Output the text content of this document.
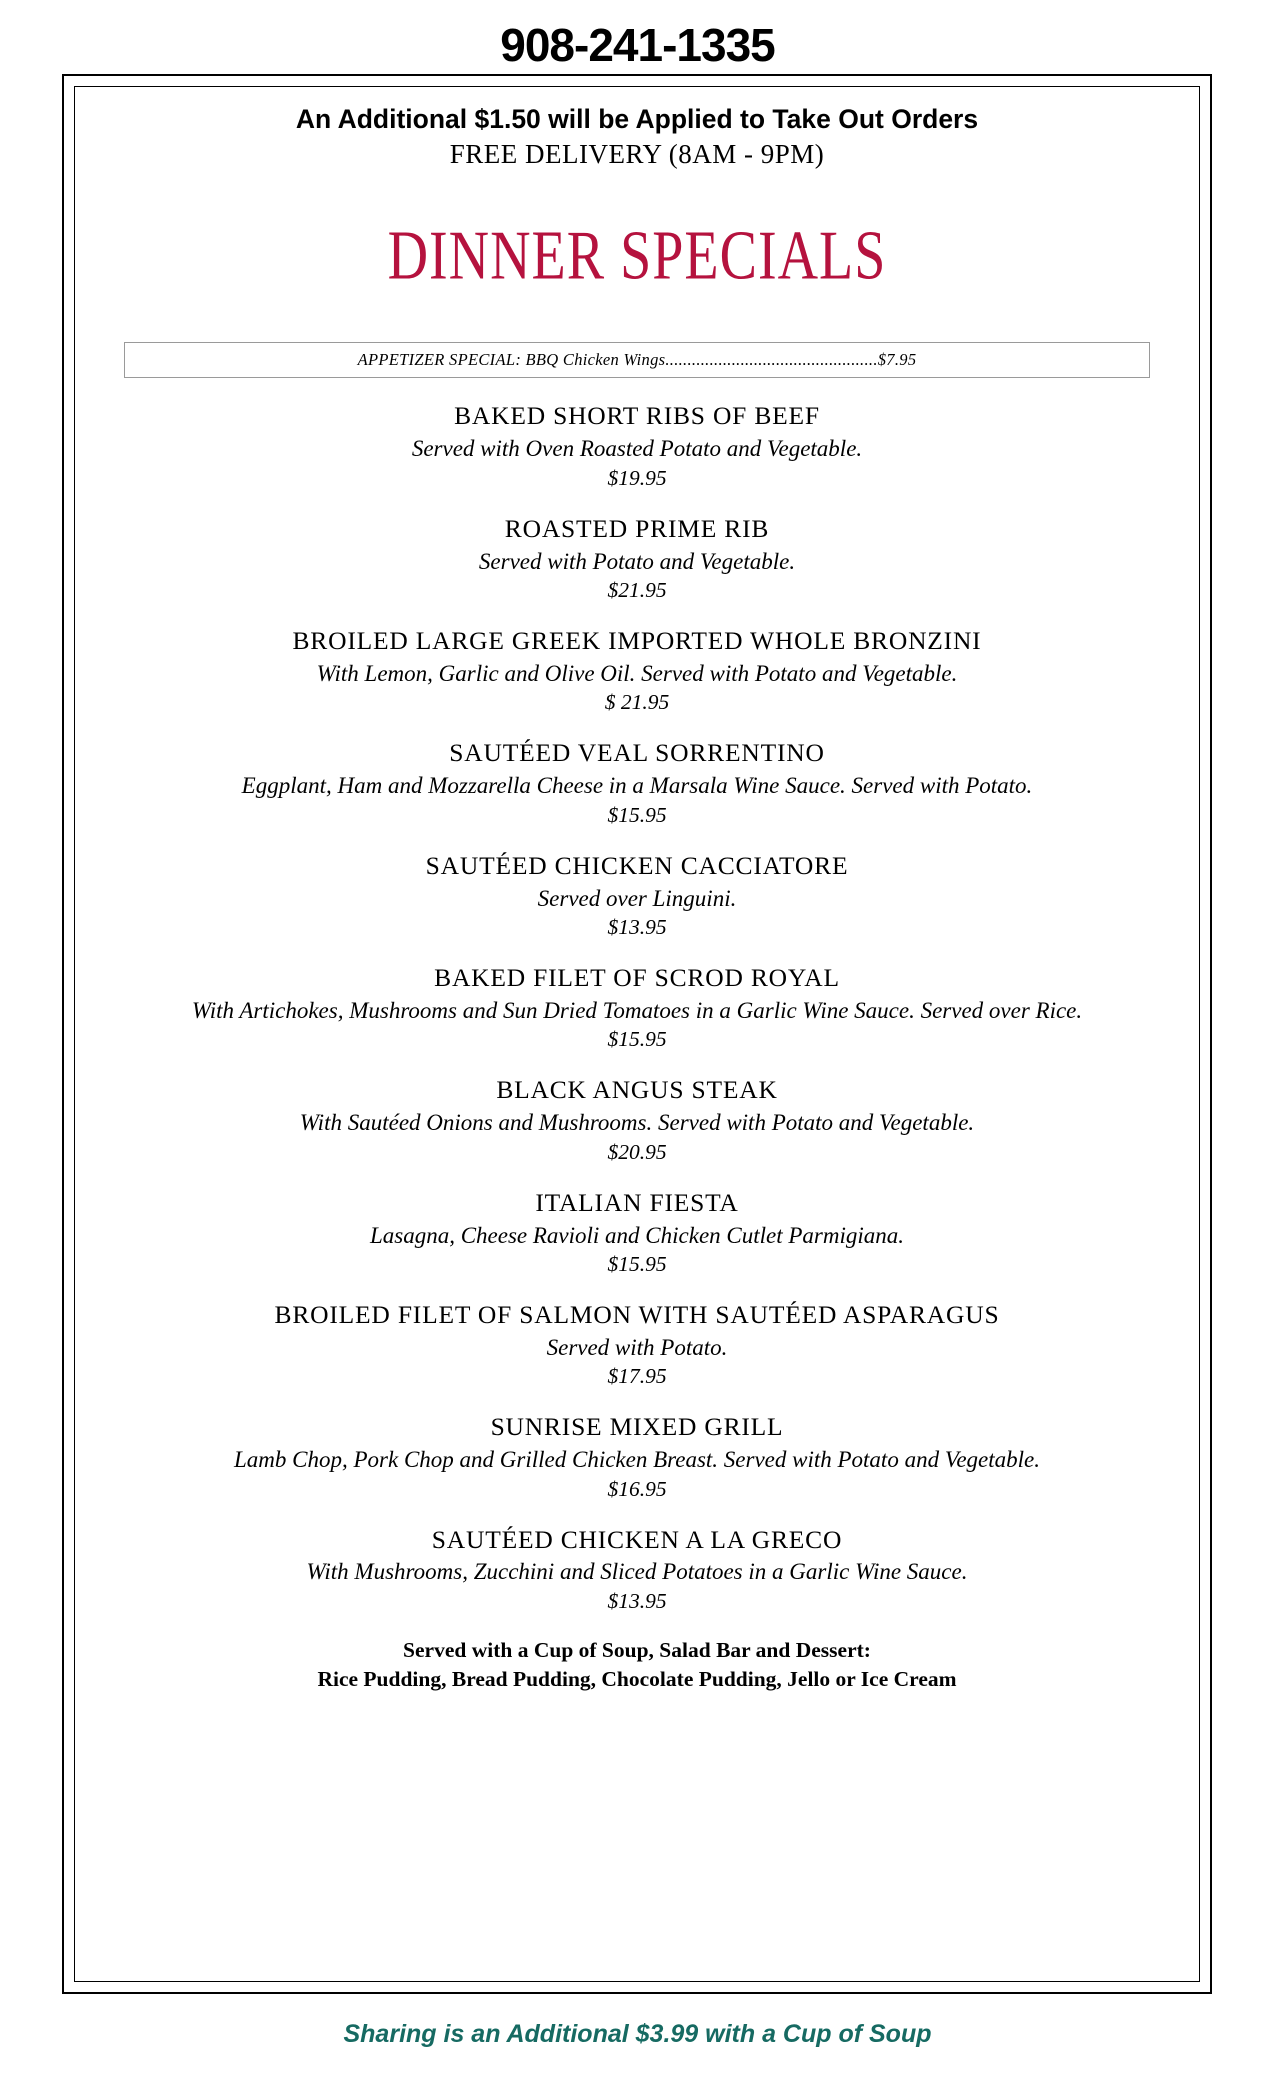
908-241-1335
An Additional $1.50 will be Applied to Take Out Orders
FREE DELIVERY (8AM - 9PM)
DINNER SPECIALS
APPETIZER SPECIAL: BBQ Chicken Wings................................................$7.95
BAKED SHORT RIBS OF BEEF
Served with Oven Roasted Potato and Vegetable.
$19.95
ROASTED PRIME RIB
Served with Potato and Vegetable.
$21.95
BROILED LARGE GREEK IMPORTED WHOLE BRONZINI
With Lemon, Garlic and Olive Oil. Served with Potato and Vegetable.
$ 21.95
SAUTÉED VEAL SORRENTINO
Eggplant, Ham and Mozzarella Cheese in a Marsala Wine Sauce. Served with Potato.
$15.95
SAUTÉED CHICKEN CACCIATORE
Served over Linguini.
$13.95
BAKED FILET OF SCROD ROYAL
With Artichokes, Mushrooms and Sun Dried Tomatoes in a Garlic Wine Sauce. Served over Rice.
$15.95
BLACK ANGUS STEAK
With Sautéed Onions and Mushrooms. Served with Potato and Vegetable.
$20.95
ITALIAN FIESTA
Lasagna, Cheese Ravioli and Chicken Cutlet Parmigiana.
$15.95
BROILED FILET OF SALMON WITH SAUTÉED ASPARAGUS
Served with Potato.
$17.95
SUNRISE MIXED GRILL
Lamb Chop, Pork Chop and Grilled Chicken Breast. Served with Potato and Vegetable.
$16.95
SAUTÉED CHICKEN A LA GRECO
With Mushrooms, Zucchini and Sliced Potatoes in a Garlic Wine Sauce.
$13.95
Served with a Cup of Soup, Salad Bar and Dessert:
Rice Pudding, Bread Pudding, Chocolate Pudding, Jello or Ice Cream
Sharing is an Additional $3.99 with a Cup of Soup
